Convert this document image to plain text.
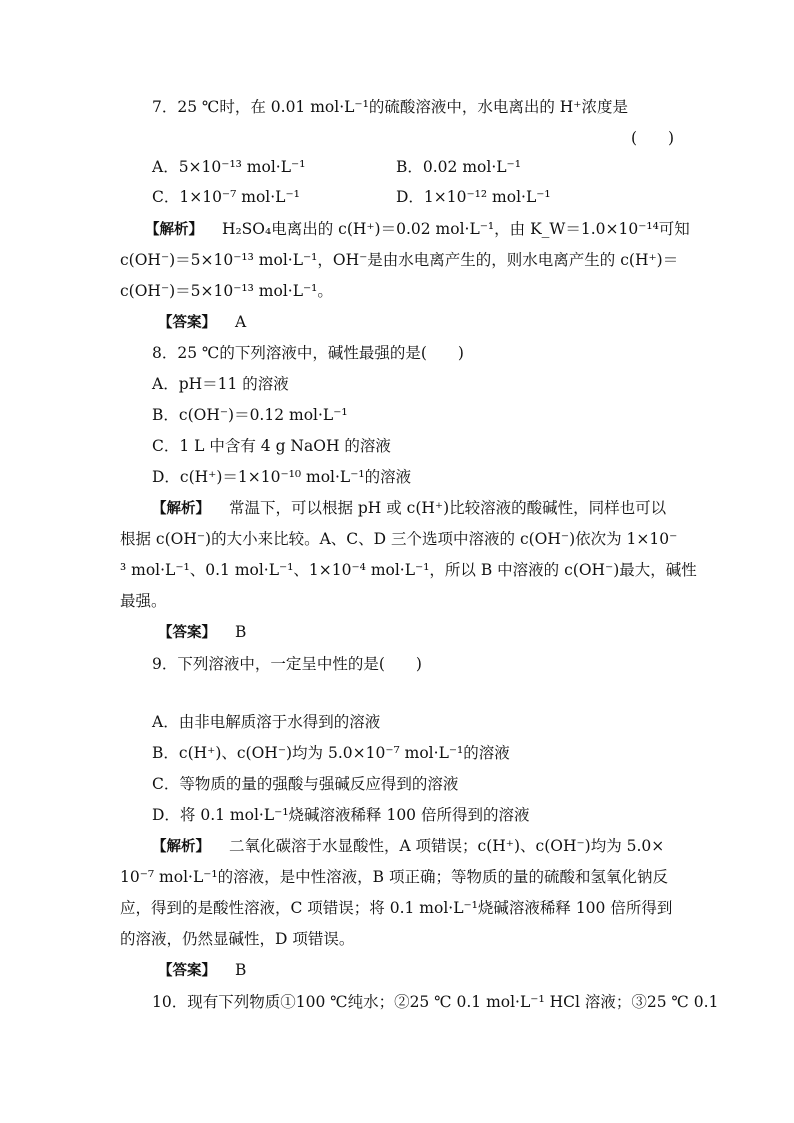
7．25 ℃时，在 0.01 mol·L⁻¹的硫酸溶液中，水电离出的 H⁺浓度是
(　　)
A．5×10⁻¹³ mol·L⁻¹	B．0.02 mol·L⁻¹
C．1×10⁻⁷ mol·L⁻¹	D．1×10⁻¹² mol·L⁻¹
【解析】 H₂SO₄电离出的 c(H⁺)＝0.02 mol·L⁻¹，由 K_W＝1.0×10⁻¹⁴可知
c(OH⁻)＝5×10⁻¹³ mol·L⁻¹，OH⁻是由水电离产生的，则水电离产生的 c(H⁺)＝
c(OH⁻)＝5×10⁻¹³ mol·L⁻¹。
【答案】 A
8．25 ℃的下列溶液中，碱性最强的是(　　)
A．pH＝11 的溶液
B．c(OH⁻)＝0.12 mol·L⁻¹
C．1 L 中含有 4 g NaOH 的溶液
D．c(H⁺)＝1×10⁻¹⁰ mol·L⁻¹的溶液
【解析】 常温下，可以根据 pH 或 c(H⁺)比较溶液的酸碱性，同样也可以
根据 c(OH⁻)的大小来比较。A、C、D 三个选项中溶液的 c(OH⁻)依次为 1×10⁻
³ mol·L⁻¹、0.1 mol·L⁻¹、1×10⁻⁴ mol·L⁻¹，所以 B 中溶液的 c(OH⁻)最大，碱性
最强。
【答案】 B
9．下列溶液中，一定呈中性的是(　　)
A．由非电解质溶于水得到的溶液
B．c(H⁺)、c(OH⁻)均为 5.0×10⁻⁷ mol·L⁻¹的溶液
C．等物质的量的强酸与强碱反应得到的溶液
D．将 0.1 mol·L⁻¹烧碱溶液稀释 100 倍所得到的溶液
【解析】 二氧化碳溶于水显酸性，A 项错误；c(H⁺)、c(OH⁻)均为 5.0×
10⁻⁷ mol·L⁻¹的溶液，是中性溶液，B 项正确；等物质的量的硫酸和氢氧化钠反
应，得到的是酸性溶液，C 项错误；将 0.1 mol·L⁻¹烧碱溶液稀释 100 倍所得到
的溶液，仍然显碱性，D 项错误。
【答案】 B
10．现有下列物质①100 ℃纯水；②25 ℃ 0.1 mol·L⁻¹ HCl 溶液；③25 ℃ 0.1
